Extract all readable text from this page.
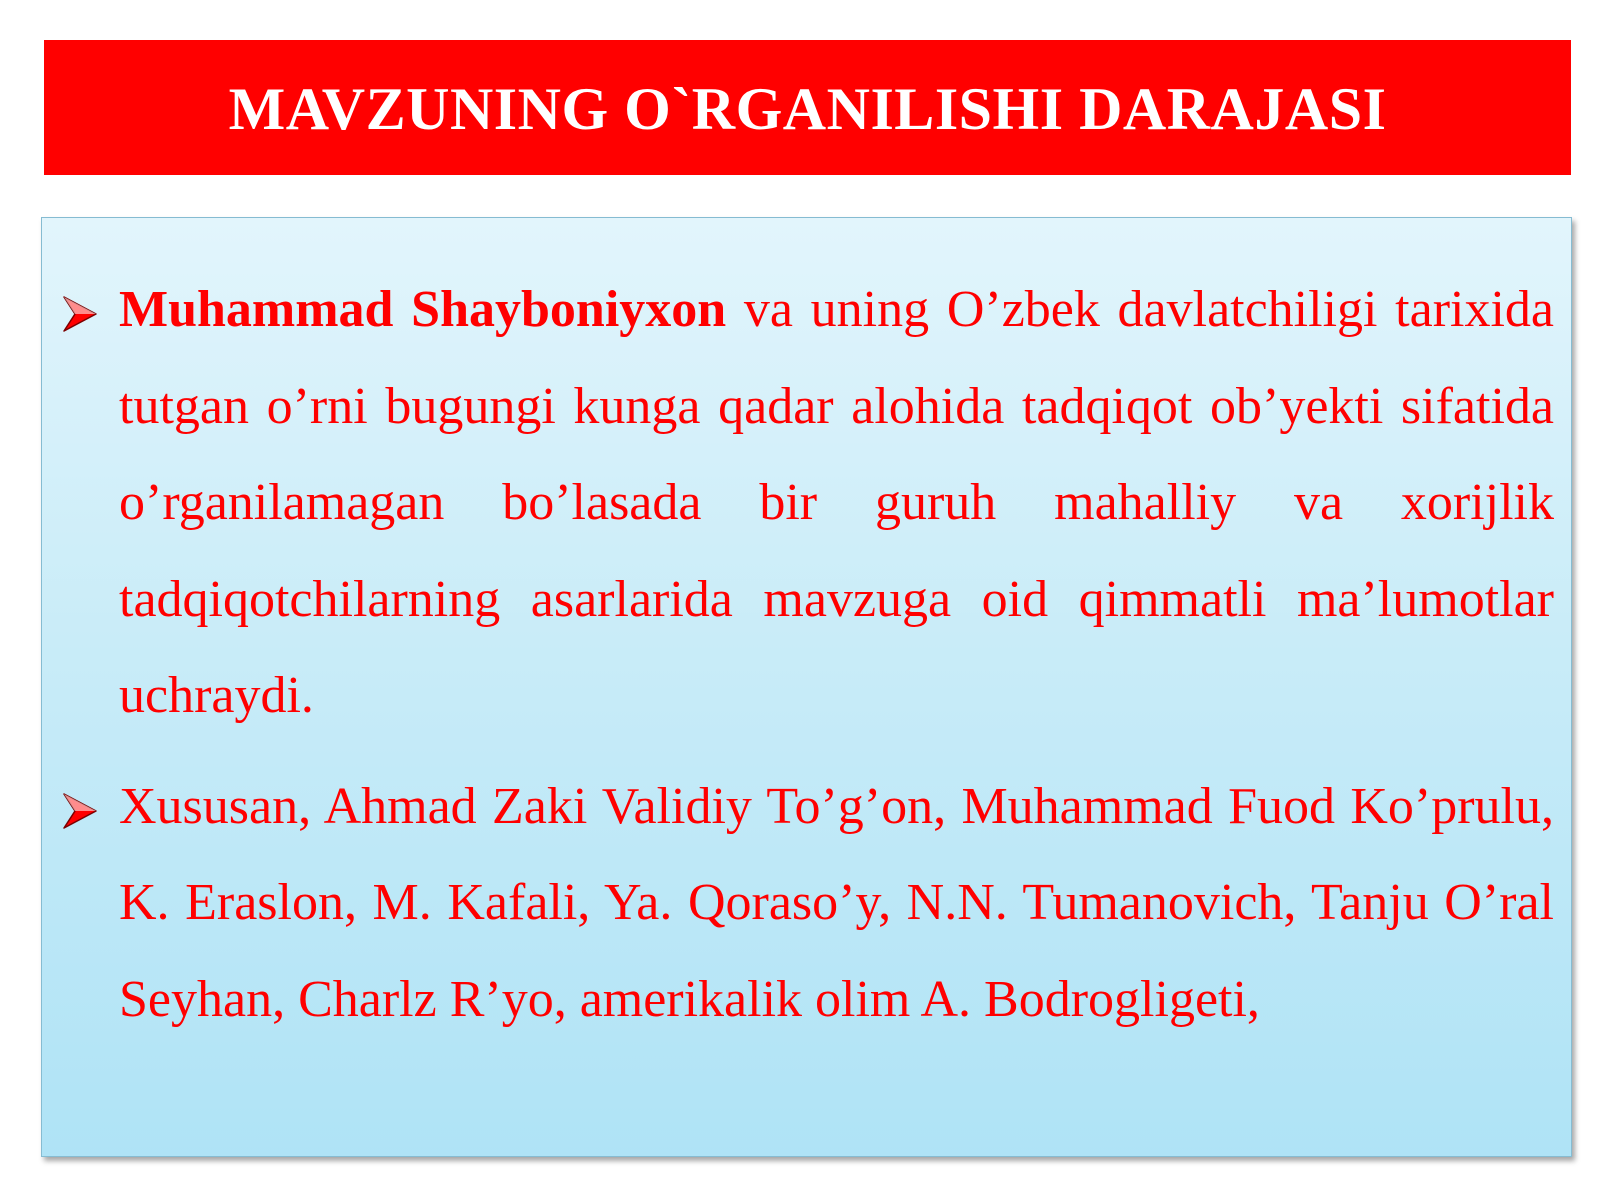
MAVZUNING O`RGANILISHI DARAJASI
Muhammad Shayboniyxon va uning O’zbek davlatchiligi tarixida tutgan o’rni bugungi kunga qadar alohida tadqiqot ob’yekti sifatida o’rganilamagan bo’lasada bir guruh mahalliy va xorijlik tadqiqotchilarning asarlarida mavzuga oid qimmatli ma’lumotlar uchraydi.
Xususan, Ahmad Zaki Validiy To’g’on, Muhammad Fuod Ko’prulu, K. Eraslon, M. Kafali, Ya. Qoraso’y, N.N. Tumanovich, Tanju O’ral Seyhan, Charlz R’yo, amerikalik olim A. Bodrogligeti,
